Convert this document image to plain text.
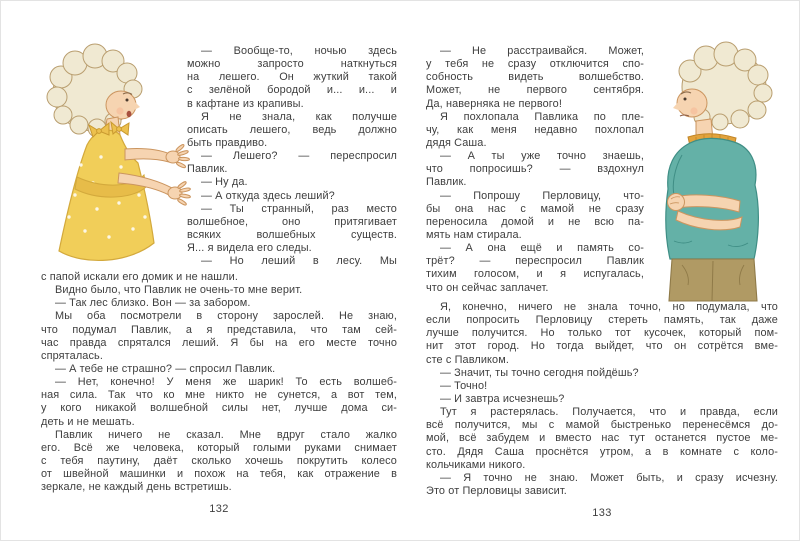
— Вообще-то, ночью здесь
можно запросто наткнуться
на лешего. Он жуткий такой
с зелёной бородой и... и... и
в кафтане из крапивы.
Я не знала, как получше
описать лешего, ведь должно
быть правдиво.
— Лешего? — переспросил
Павлик.
— Ну да.
— А откуда здесь леший?
— Ты странный, раз место
волшебное, оно притягивает
всяких волшебных существ.
Я... я видела его следы.
— Но леший в лесу. Мы
с папой искали его домик и не нашли.
Видно было, что Павлик не очень-то мне верит.
— Так лес близко. Вон — за забором.
Мы оба посмотрели в сторону зарослей. Не знаю,
что подумал Павлик, а я представила, что там сей-
час правда спрятался леший. Я бы на его месте точно
спряталась.
— А тебе не страшно? — спросил Павлик.
— Нет, конечно! У меня же шарик! То есть волшеб-
ная сила. Так что ко мне никто не сунется, а вот тем,
у кого никакой волшебной силы нет, лучше дома си-
деть и не мешать.
Павлик ничего не сказал. Мне вдруг стало жалко
его. Всё же человека, который голыми руками снимает
с тебя паутину, даёт сколько хочешь покрутить колесо
от швейной машинки и похож на тебя, как отражение в
зеркале, не каждый день встретишь.
132
— Не расстраивайся. Может,
у тебя не сразу отключится спо-
собность видеть волшебство.
Может, не первого сентября.
Да, наверняка не первого!
Я похлопала Павлика по пле-
чу, как меня недавно похлопал
дядя Саша.
— А ты уже точно знаешь,
что попросишь? — вздохнул
Павлик.
— Попрошу Перловицу, что-
бы она нас с мамой не сразу
переносила домой и не всю па-
мять нам стирала.
— А она ещё и память со-
трёт? — переспросил Павлик
тихим голосом, и я испугалась,
что он сейчас заплачет.
Я, конечно, ничего не знала точно, но подумала, что
если попросить Перловицу стереть память, так даже
лучше получится. Но только тот кусочек, который пом-
нит этот город. Но тогда выйдет, что он сотрётся вме-
сте с Павликом.
— Значит, ты точно сегодня пойдёшь?
— Точно!
— И завтра исчезнешь?
Тут я растерялась. Получается, что и правда, если
всё получится, мы с мамой быстренько перенесёмся до-
мой, всё забудем и вместо нас тут останется пустое ме-
сто. Дядя Саша проснётся утром, а в комнате с коло-
кольчиками никого.
— Я точно не знаю. Может быть, и сразу исчезну.
Это от Перловицы зависит.
133
